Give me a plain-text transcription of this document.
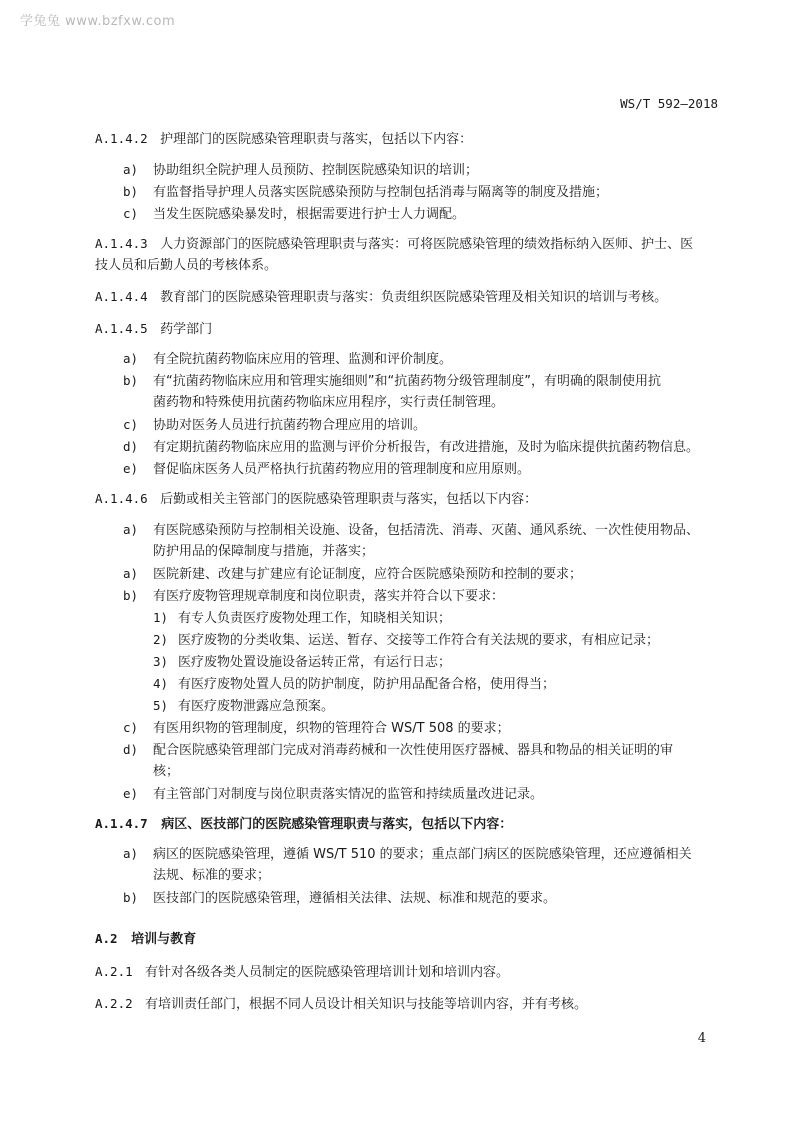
学兔兔 www.bzfxw.com
WS/T 592—2018
A.1.4.2 护理部门的医院感染管理职责与落实，包括以下内容：
a) 协助组织全院护理人员预防、控制医院感染知识的培训；
b) 有监督指导护理人员落实医院感染预防与控制包括消毒与隔离等的制度及措施；
c) 当发生医院感染暴发时，根据需要进行护士人力调配。
A.1.4.3 人力资源部门的医院感染管理职责与落实：可将医院感染管理的绩效指标纳入医师、护士、医
技人员和后勤人员的考核体系。
A.1.4.4 教育部门的医院感染管理职责与落实：负责组织医院感染管理及相关知识的培训与考核。
A.1.4.5 药学部门
a) 有全院抗菌药物临床应用的管理、监测和评价制度。
b) 有“抗菌药物临床应用和管理实施细则”和“抗菌药物分级管理制度”，有明确的限制使用抗
菌药物和特殊使用抗菌药物临床应用程序，实行责任制管理。
c) 协助对医务人员进行抗菌药物合理应用的培训。
d) 有定期抗菌药物临床应用的监测与评价分析报告，有改进措施，及时为临床提供抗菌药物信息。
e) 督促临床医务人员严格执行抗菌药物应用的管理制度和应用原则。
A.1.4.6 后勤或相关主管部门的医院感染管理职责与落实，包括以下内容：
a) 有医院感染预防与控制相关设施、设备，包括清洗、消毒、灭菌、通风系统、一次性使用物品、
防护用品的保障制度与措施，并落实；
a) 医院新建、改建与扩建应有论证制度，应符合医院感染预防和控制的要求；
b) 有医疗废物管理规章制度和岗位职责，落实并符合以下要求：
1) 有专人负责医疗废物处理工作，知晓相关知识；
2) 医疗废物的分类收集、运送、暂存、交接等工作符合有关法规的要求，有相应记录；
3) 医疗废物处置设施设备运转正常，有运行日志；
4) 有医疗废物处置人员的防护制度，防护用品配备合格，使用得当；
5) 有医疗废物泄露应急预案。
c) 有医用织物的管理制度，织物的管理符合 WS/T 508 的要求；
d) 配合医院感染管理部门完成对消毒药械和一次性使用医疗器械、器具和物品的相关证明的审
核；
e) 有主管部门对制度与岗位职责落实情况的监管和持续质量改进记录。
A.1.4.7 病区、医技部门的医院感染管理职责与落实，包括以下内容：
a) 病区的医院感染管理，遵循 WS/T 510 的要求；重点部门病区的医院感染管理，还应遵循相关
法规、标准的要求；
b) 医技部门的医院感染管理，遵循相关法律、法规、标准和规范的要求。
A.2 培训与教育
A.2.1 有针对各级各类人员制定的医院感染管理培训计划和培训内容。
A.2.2 有培训责任部门，根据不同人员设计相关知识与技能等培训内容，并有考核。
4
